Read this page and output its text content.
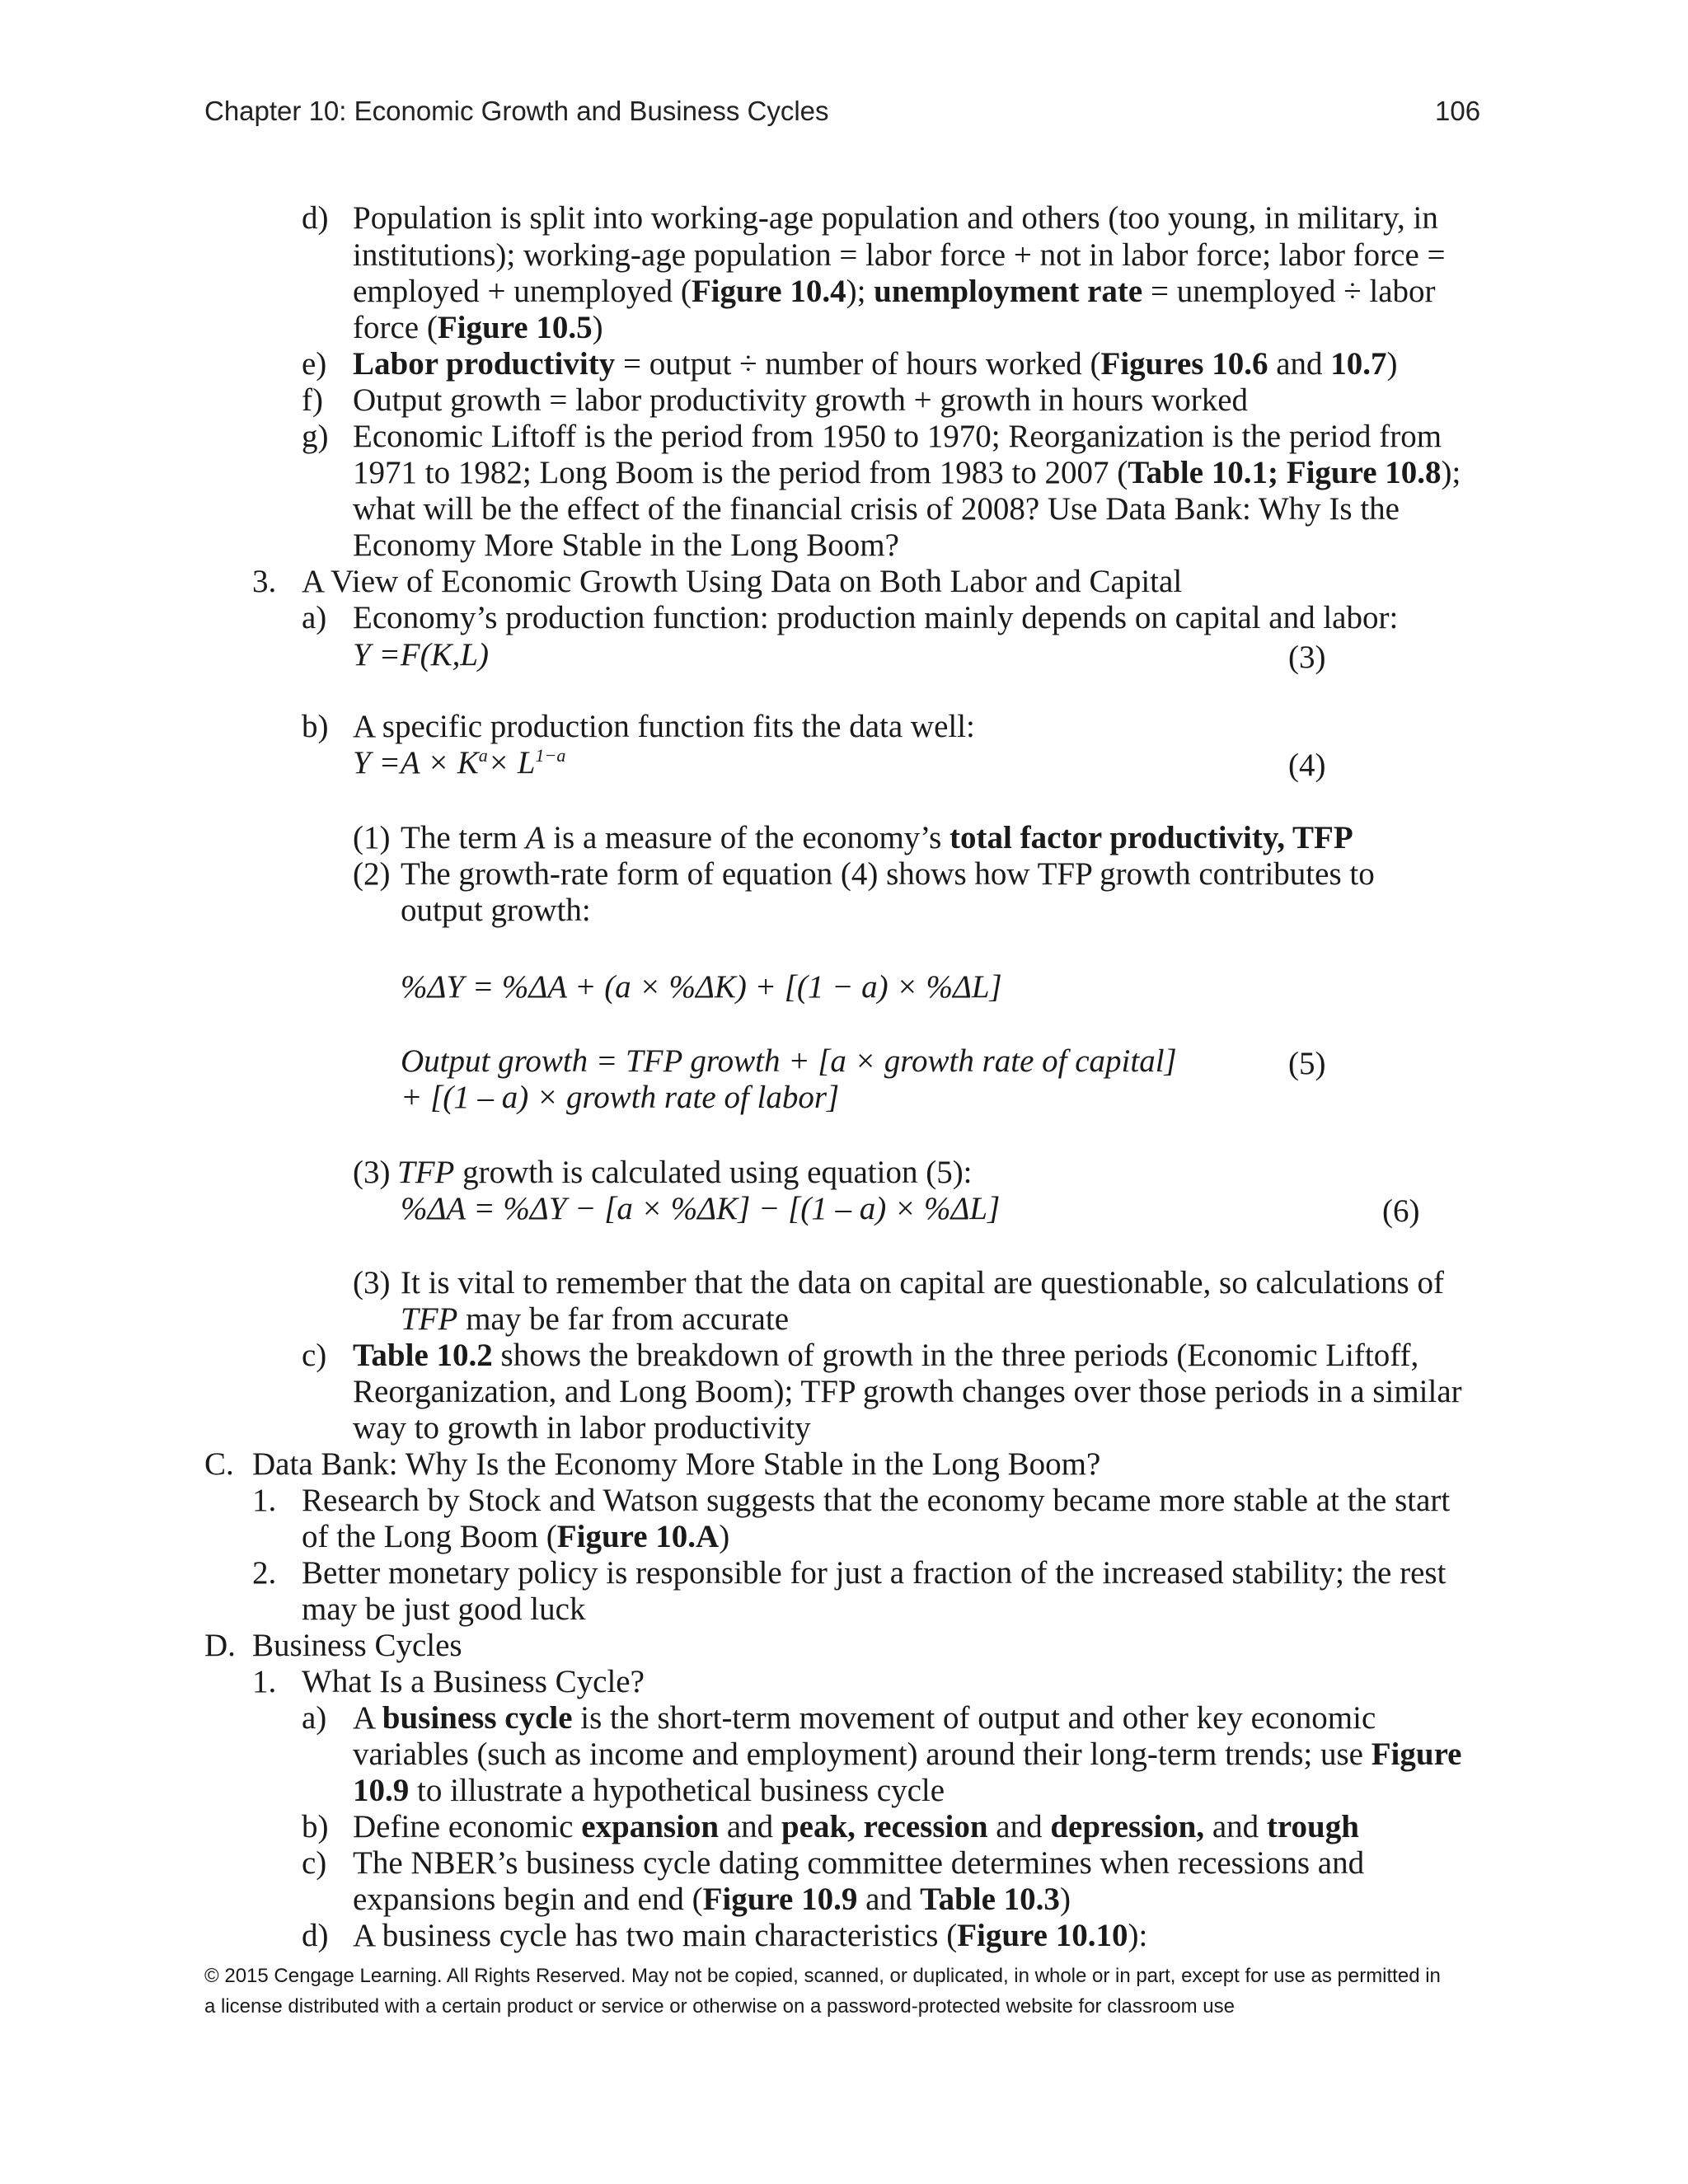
Chapter 10: Economic Growth and Business Cycles	106
d) Population is split into working-age population and others (too young, in military, in
institutions); working-age population = labor force + not in labor force; labor force =
employed + unemployed (Figure 10.4); unemployment rate = unemployed ÷ labor
force (Figure 10.5)
e) Labor productivity = output ÷ number of hours worked (Figures 10.6 and 10.7)
f) Output growth = labor productivity growth + growth in hours worked
g) Economic Liftoff is the period from 1950 to 1970; Reorganization is the period from
1971 to 1982; Long Boom is the period from 1983 to 2007 (Table 10.1; Figure 10.8);
what will be the effect of the financial crisis of 2008? Use Data Bank: Why Is the
Economy More Stable in the Long Boom?
3. A View of Economic Growth Using Data on Both Labor and Capital
a) Economy’s production function: production mainly depends on capital and labor:
Y =F(K,L)	(3)
b) A specific production function fits the data well:
$Y =A \times K^a\times L^{1-a}$	(4)
(1) The term A is a measure of the economy’s total factor productivity, TFP
(2) The growth-rate form of equation (4) shows how TFP growth contributes to
output growth:
%ΔY = %ΔA + (a × %ΔK) + [(1 − a) × %ΔL]
Output growth = TFP growth + [a × growth rate of capital]	(5)
+ [(1 – a) × growth rate of labor]
(3) TFP growth is calculated using equation (5):
%ΔA = %ΔY − [a × %ΔK] − [(1 – a) × %ΔL]	(6)
(3) It is vital to remember that the data on capital are questionable, so calculations of
TFP may be far from accurate
c) Table 10.2 shows the breakdown of growth in the three periods (Economic Liftoff,
Reorganization, and Long Boom); TFP growth changes over those periods in a similar
way to growth in labor productivity
C. Data Bank: Why Is the Economy More Stable in the Long Boom?
1. Research by Stock and Watson suggests that the economy became more stable at the start
of the Long Boom (Figure 10.A)
2. Better monetary policy is responsible for just a fraction of the increased stability; the rest
may be just good luck
D. Business Cycles
1. What Is a Business Cycle?
a) A business cycle is the short-term movement of output and other key economic
variables (such as income and employment) around their long-term trends; use Figure
10.9 to illustrate a hypothetical business cycle
b) Define economic expansion and peak, recession and depression, and trough
c) The NBER’s business cycle dating committee determines when recessions and
expansions begin and end (Figure 10.9 and Table 10.3)
d) A business cycle has two main characteristics (Figure 10.10):
© 2015 Cengage Learning. All Rights Reserved. May not be copied, scanned, or duplicated, in whole or in part, except for use as permitted in
a license distributed with a certain product or service or otherwise on a password-protected website for classroom use
